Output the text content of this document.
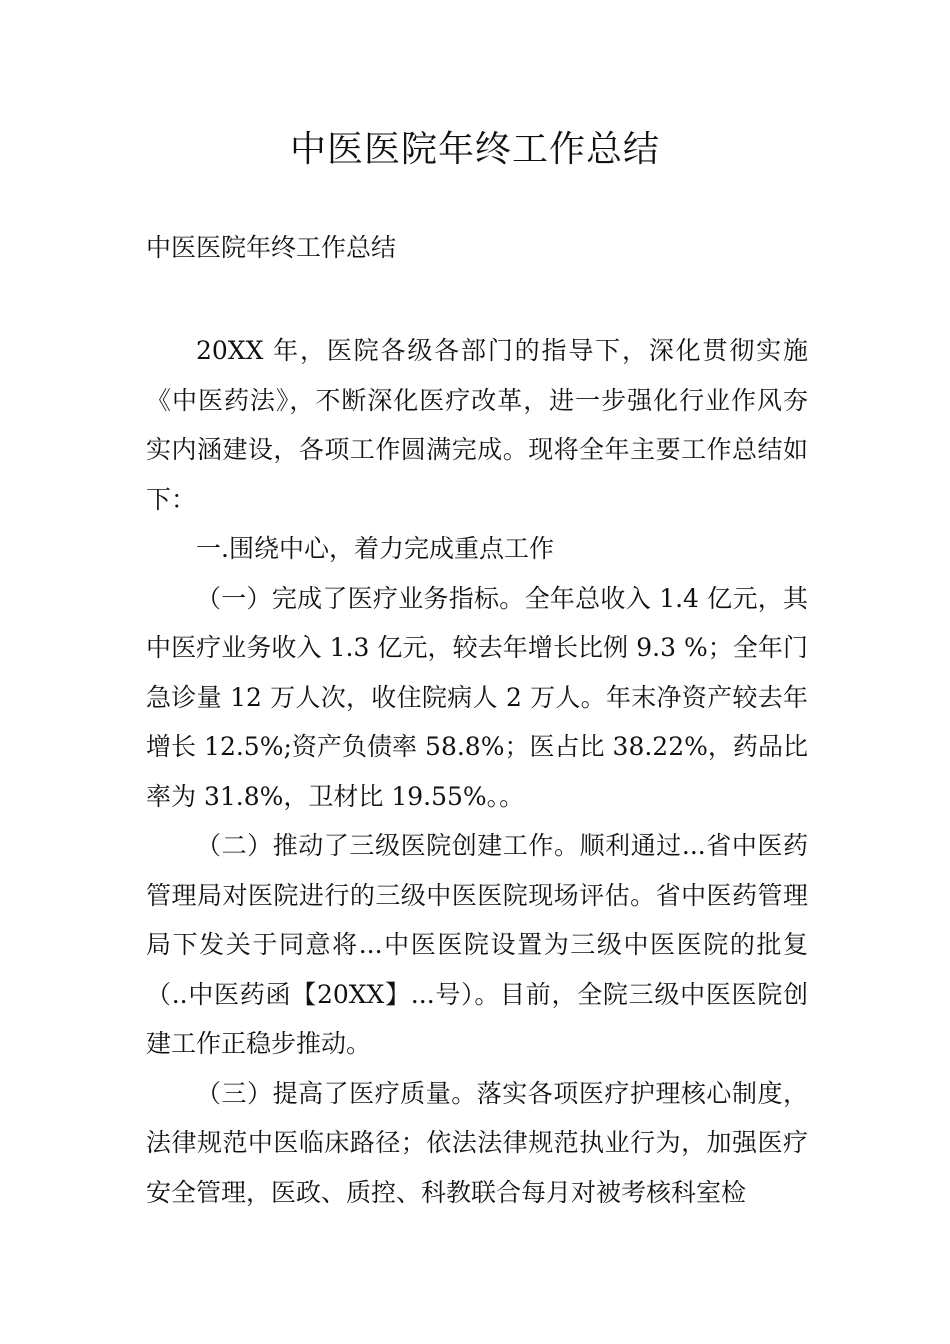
中医医院年终工作总结

中医医院年终工作总结

20XX 年，医院各级各部门的指导下，深化贯彻实施《中医药法》，不断深化医疗改革，进一步强化行业作风夯实内涵建设，各项工作圆满完成。现将全年主要工作总结如下：

一.围绕中心，着力完成重点工作

（一）完成了医疗业务指标。全年总收入 1.4 亿元，其中医疗业务收入 1.3 亿元，较去年增长比例 9.3 %；全年门急诊量 12 万人次，收住院病人 2 万人。年末净资产较去年增长 12.5%;资产负债率 58.8%；医占比 38.22%，药品比率为 31.8%，卫材比 19.55%。。

（二）推动了三级医院创建工作。顺利通过...省中医药管理局对医院进行的三级中医医院现场评估。省中医药管理局下发关于同意将...中医医院设置为三级中医医院的批复（..中医药函【20XX】...号）。目前，全院三级中医医院创建工作正稳步推动。

（三）提高了医疗质量。落实各项医疗护理核心制度，法律规范中医临床路径；依法法律规范执业行为，加强医疗安全管理，医政、质控、科教联合每月对被考核科室检
